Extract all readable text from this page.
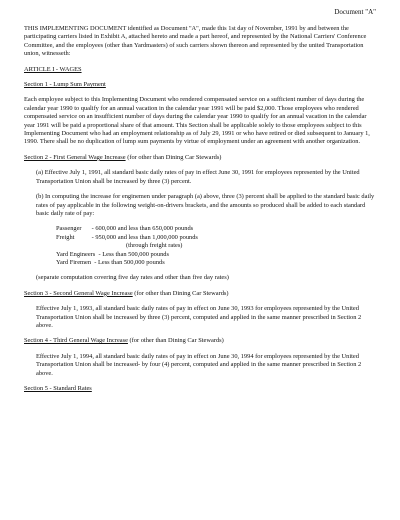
Document "A"

THIS IMPLEMENTING DOCUMENT identified as Document "A", made this 1st day of November, 1991 by and between the participating carriers listed in Exhibit A, attached hereto and made a part hereof, and represented by the National Carriers' Conference Committee, and the employees (other than Yardmasters) of such carriers shown thereon and represented by the united Transportation union, witnesseth:

ARTICLE I - WAGES

Section 1 - Lump Sum Payment

Each employee subject to this Implementing Document who rendered compensated service on a sufficient number of days during the calendar year 1990 to qualify for an annual vacation in the calendar year 1991 will be paid $2,000. Those employees who rendered compensated service on an insufficient number of days during the calendar year 1990 to qualify for an annual vacation in the calendar year 1991 will be paid a proportional share of that amount. This Section shall be applicable solely to those employees subject to this Implementing Document who had an employment relationship as of July 29, 1991 or who have retired or died subsequent to January 1, 1990. There shall be no duplication of lump sum payments by virtue of employment under an agreement with another organization.

Section 2 - First General Wage Increase (for other than Dining Car Stewards)

(a) Effective July 1, 1991, all standard basic daily rates of pay in effect June 30, 1991 for employees represented by the United Transportation Union shall be increased by three (3) percent.

(b) In computing the increase for enginemen under paragraph (a) above, three (3) percent shall be applied to the standard basic daily rates of pay applicable in the following weight-on-drivers brackets, and the amounts so produced shall be added to each standard basic daily rate of pay:

Passenger	- 600,000 and less than 650,000 pounds
Freight	- 950,000 and less than 1,000,000 pounds
(through freight rates)
Yard Engineers  - Less than 500,000 pounds
Yard Firemen  - Less than 500,000 pounds

(separate computation covering five day rates and other than five day rates)

Section 3 - Second General Wage Increase (for other than Dining Car Stewards)

Effective July 1, 1993, all standard basic daily rates of pay in effect on June 30, 1993 for employees represented by the United Transportation Union shall be increased by three (3) percent, computed and applied in the same manner prescribed in Section 2 above.

Section 4 - Third General Wage Increase (for other than Dining Car Stewards)

Effective July 1, 1994, all standard basic daily rates of pay in effect on June 30, 1994 for employees represented by the United Transportation Union shall be increased- by four (4) percent, computed and applied in the same manner prescribed in Section 2 above.

Section 5 - Standard Rates
